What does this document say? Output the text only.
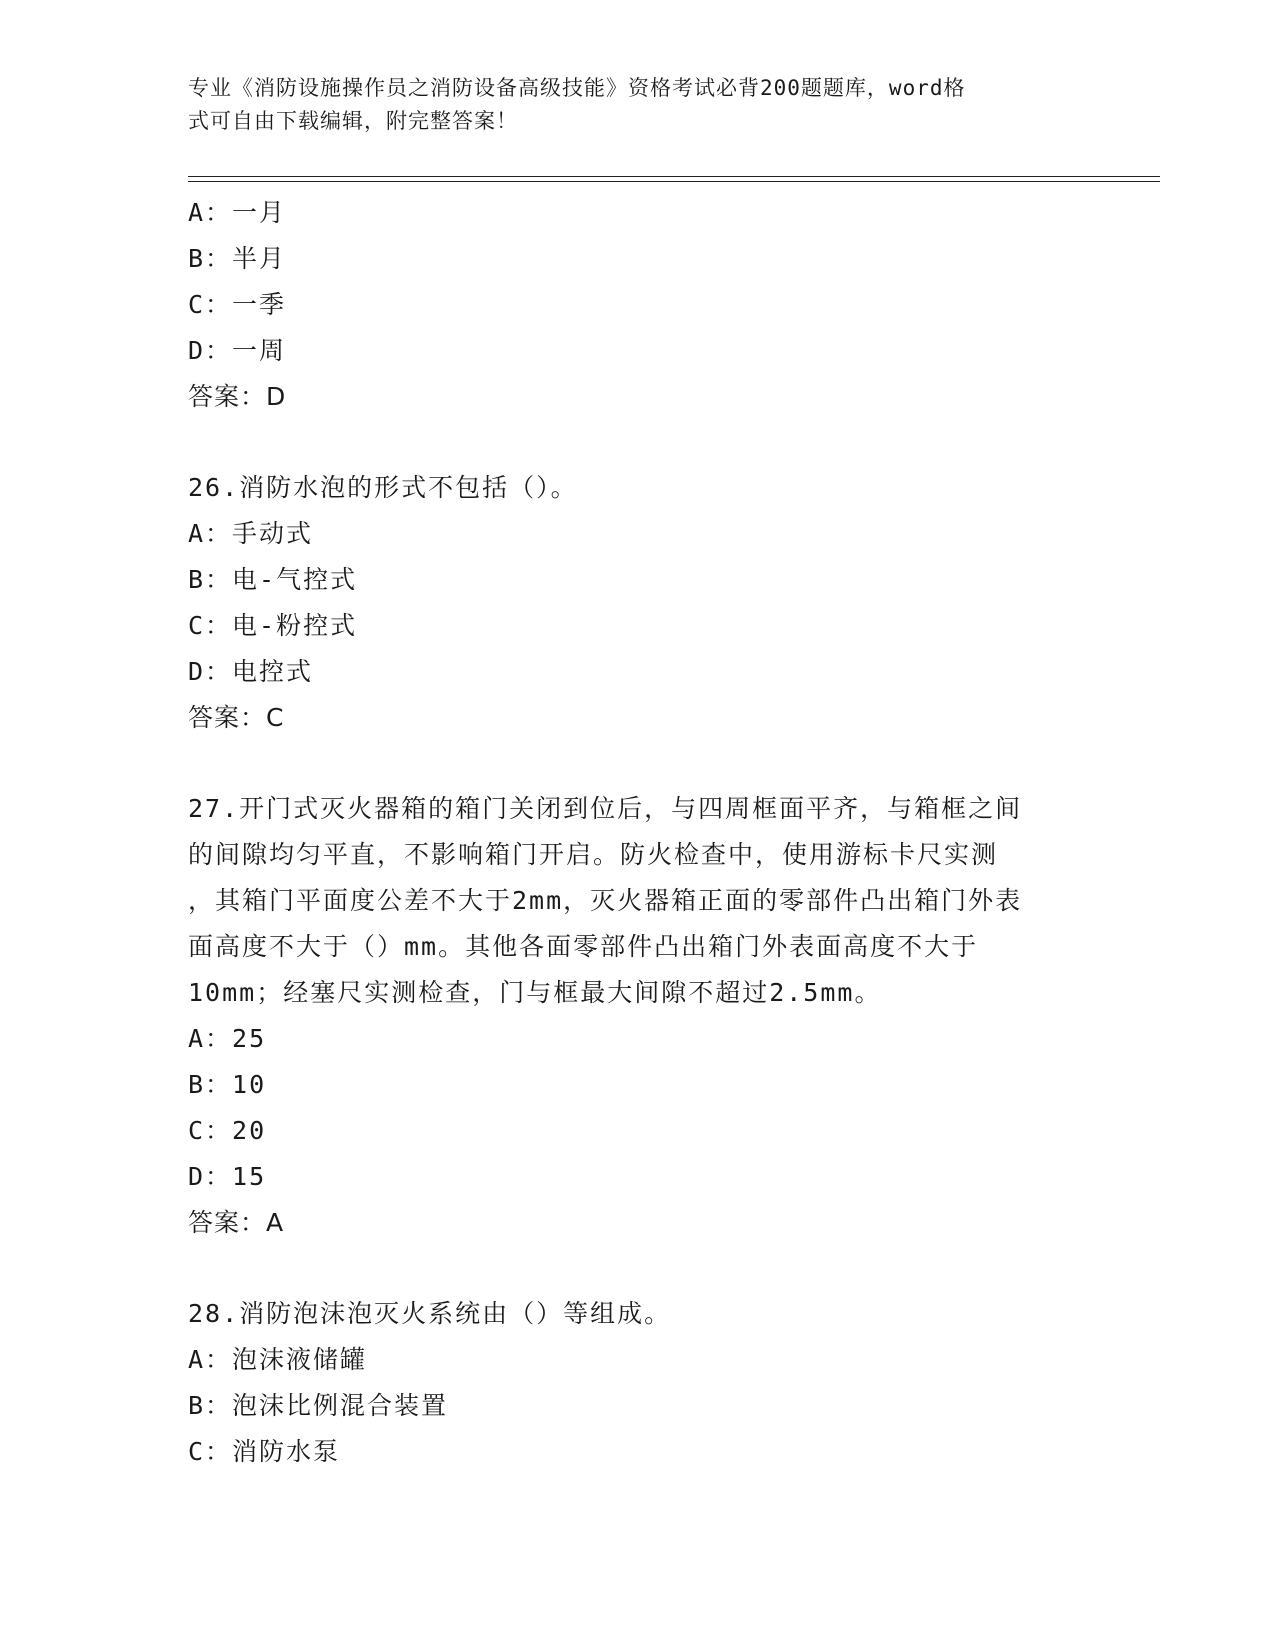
专业《消防设施操作员之消防设备高级技能》资格考试必背200题题库，word格
式可自由下载编辑，附完整答案！
A：一月
B：半月
C：一季
D：一周
答案：D
26.消防水泡的形式不包括（）。
A：手动式
B：电-气控式
C：电-粉控式
D：电控式
答案：C
27.开门式灭火器箱的箱门关闭到位后，与四周框面平齐，与箱框之间
的间隙均匀平直，不影响箱门开启。防火检查中，使用游标卡尺实测
，其箱门平面度公差不大于2mm，灭火器箱正面的零部件凸出箱门外表
面高度不大于（）mm。其他各面零部件凸出箱门外表面高度不大于
10mm；经塞尺实测检查，门与框最大间隙不超过2.5mm。
A：25
B：10
C：20
D：15
答案：A
28.消防泡沫泡灭火系统由（）等组成。
A：泡沫液储罐
B：泡沫比例混合装置
C：消防水泵
